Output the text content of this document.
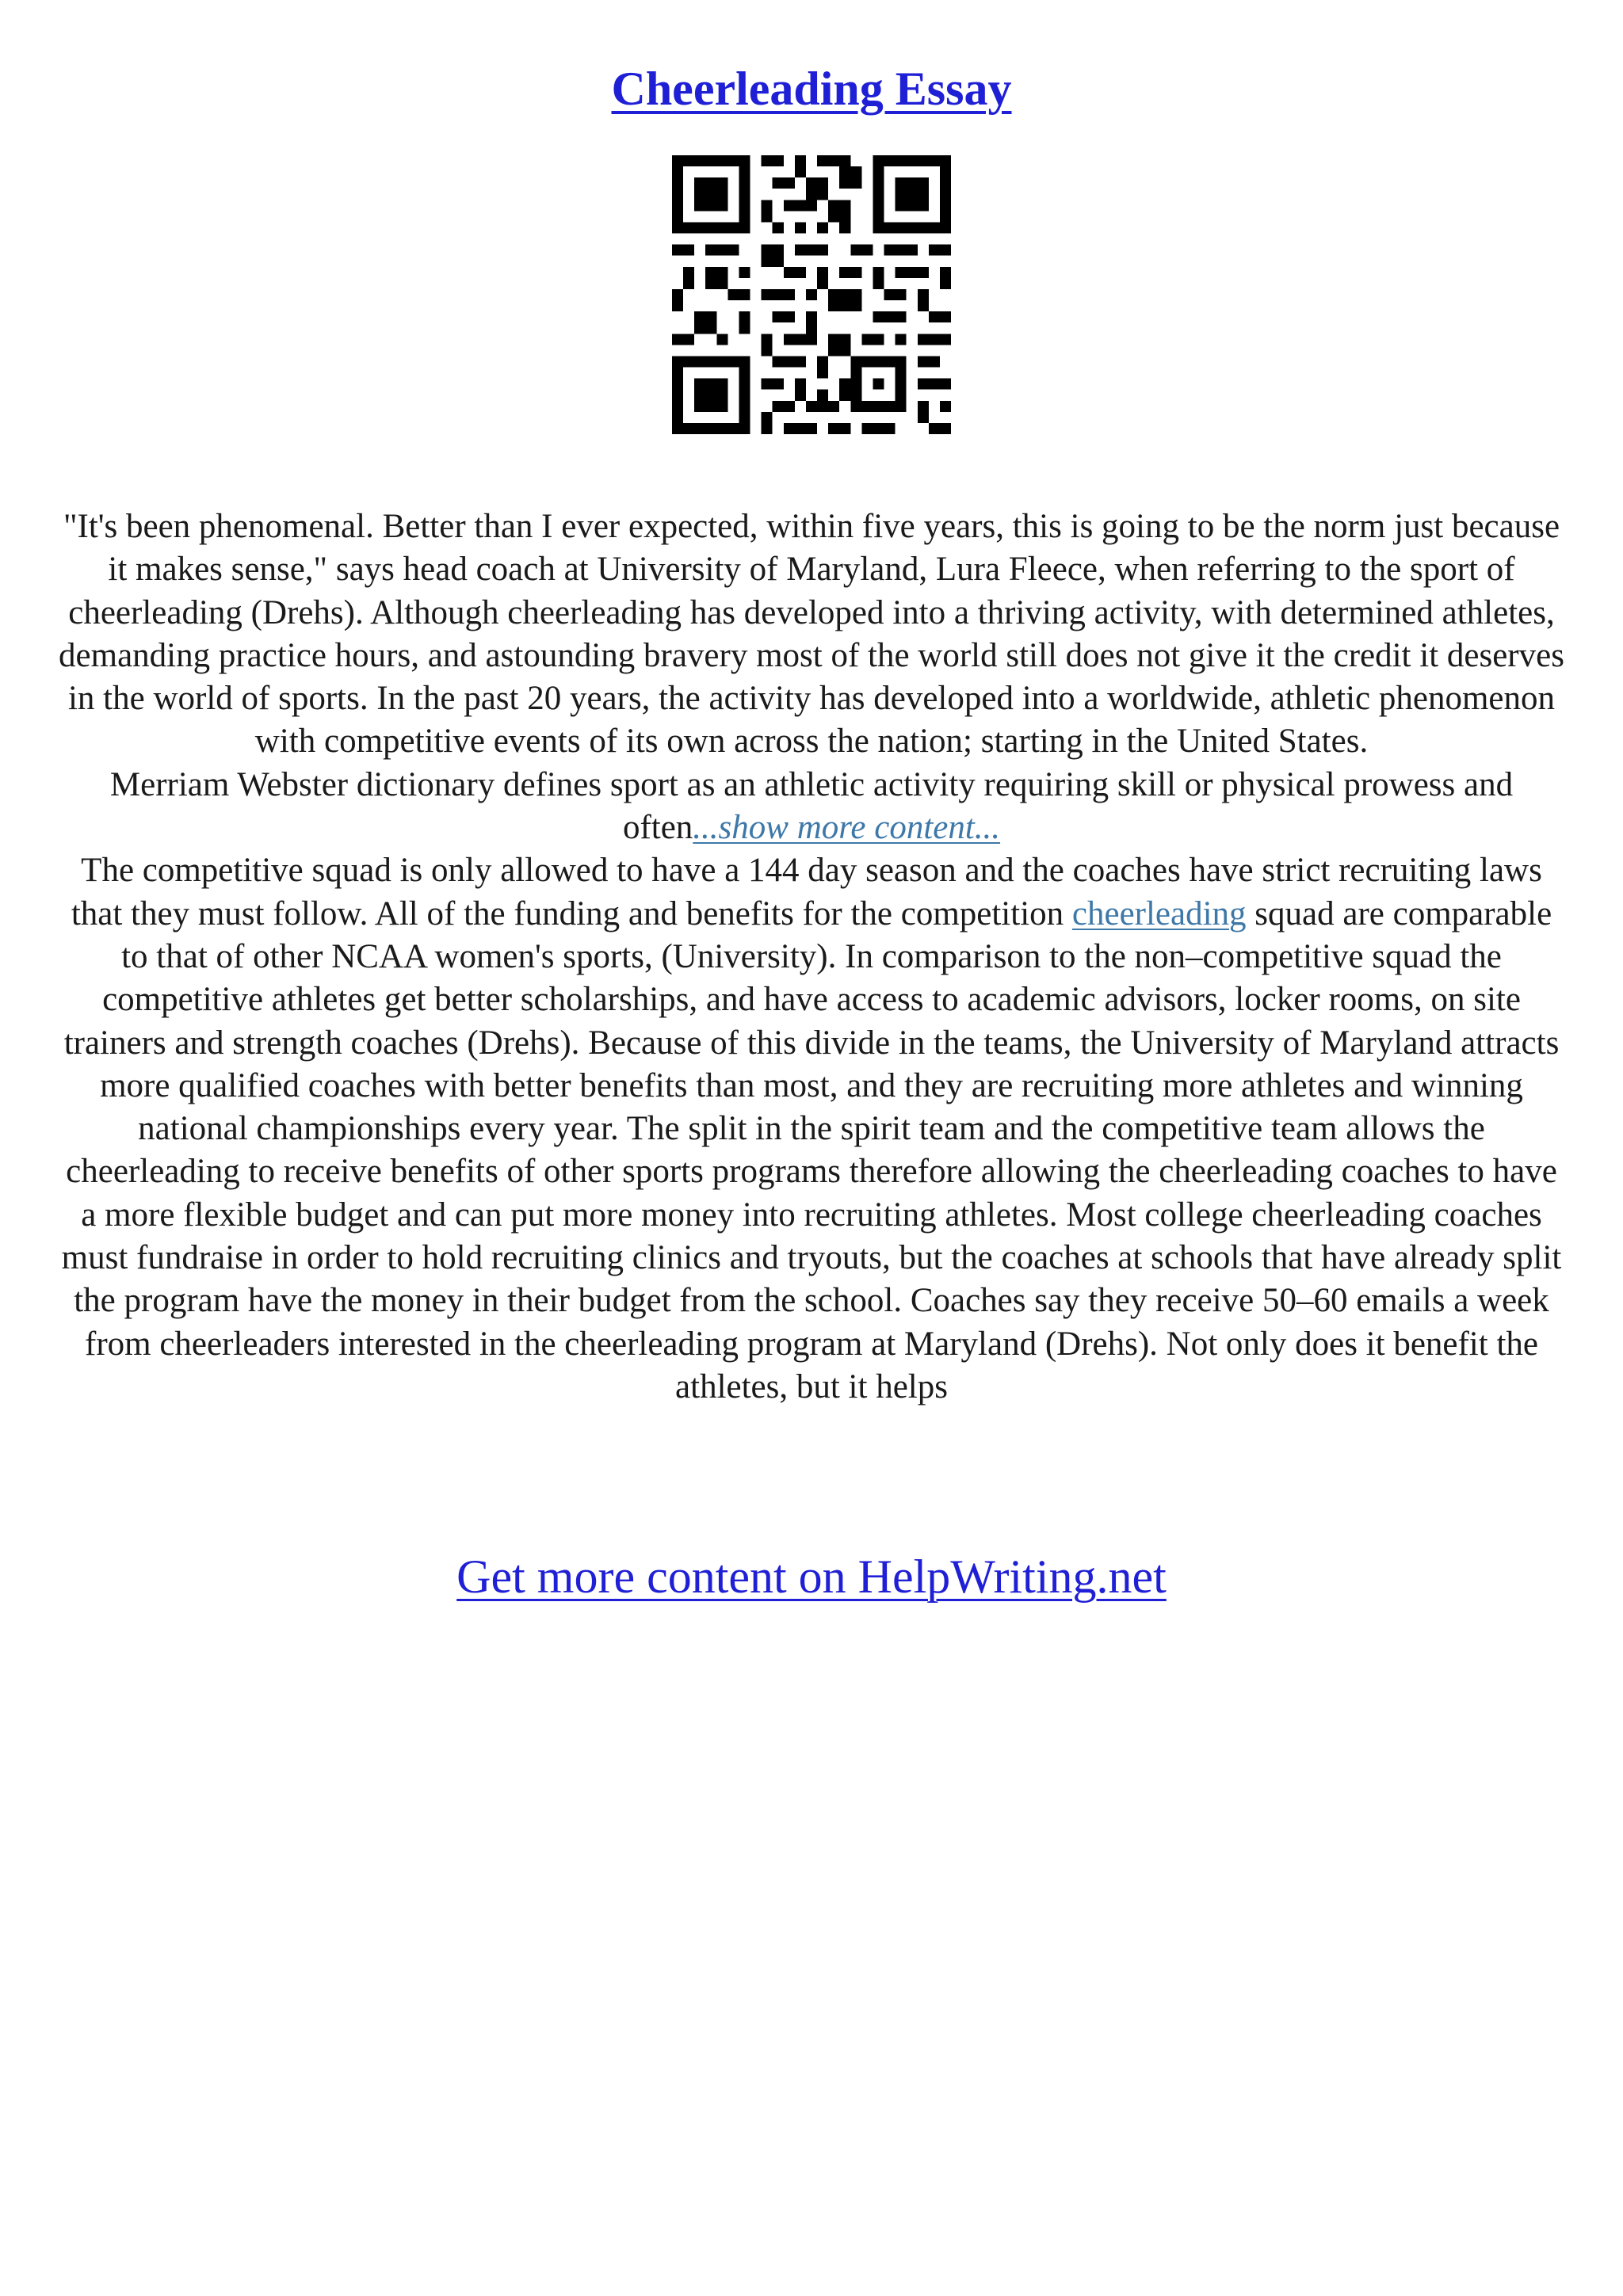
Cheerleading Essay

"It's been phenomenal. Better than I ever expected, within five years, this is going to be the norm just because it makes sense," says head coach at University of Maryland, Lura Fleece, when referring to the sport of cheerleading (Drehs). Although cheerleading has developed into a thriving activity, with determined athletes, demanding practice hours, and astounding bravery most of the world still does not give it the credit it deserves in the world of sports. In the past 20 years, the activity has developed into a worldwide, athletic phenomenon with competitive events of its own across the nation; starting in the United States.

Merriam Webster dictionary defines sport as an athletic activity requiring skill or physical prowess and often...show more content...

The competitive squad is only allowed to have a 144 day season and the coaches have strict recruiting laws that they must follow. All of the funding and benefits for the competition cheerleading squad are comparable to that of other NCAA women's sports, (University). In comparison to the non–competitive squad the competitive athletes get better scholarships, and have access to academic advisors, locker rooms, on site trainers and strength coaches (Drehs). Because of this divide in the teams, the University of Maryland attracts more qualified coaches with better benefits than most, and they are recruiting more athletes and winning national championships every year. The split in the spirit team and the competitive team allows the cheerleading to receive benefits of other sports programs therefore allowing the cheerleading coaches to have a more flexible budget and can put more money into recruiting athletes. Most college cheerleading coaches must fundraise in order to hold recruiting clinics and tryouts, but the coaches at schools that have already split the program have the money in their budget from the school. Coaches say they receive 50–60 emails a week from cheerleaders interested in the cheerleading program at Maryland (Drehs). Not only does it benefit the athletes, but it helps

Get more content on HelpWriting.net
